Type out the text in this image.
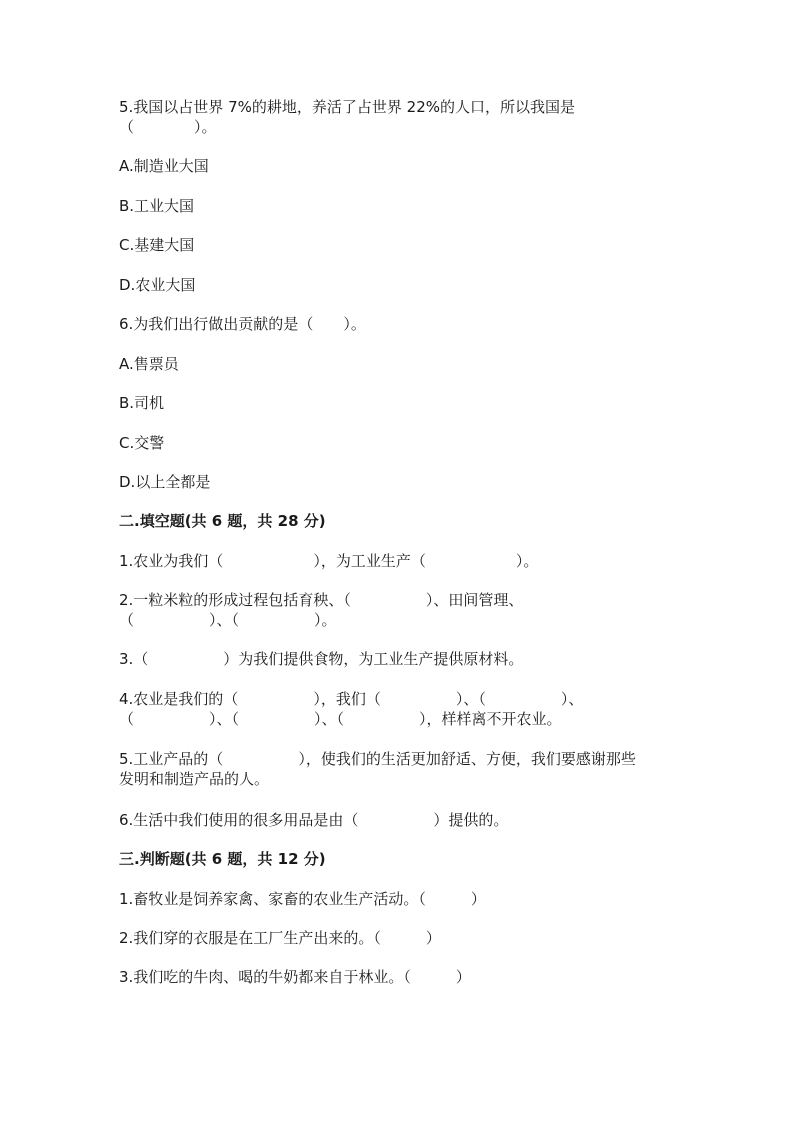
5.我国以占世界 7%的耕地，养活了占世界 22%的人口，所以我国是
（　　　　）。
A.制造业大国
B.工业大国
C.基建大国
D.农业大国
6.为我们出行做出贡献的是（　　）。
A.售票员
B.司机
C.交警
D.以上全都是
二.填空题(共 6 题，共 28 分)
1.农业为我们（　　　　　　），为工业生产（　　　　　　）。
2.一粒米粒的形成过程包括育秧、（　　　　　）、田间管理、
（　　　　　）、（　　　　　）。
3.（　　　　　）为我们提供食物，为工业生产提供原材料。
4.农业是我们的（　　　　　），我们（　　　　　）、（　　　　　）、
（　　　　　）、（　　　　　）、（　　　　　），样样离不开农业。
5.工业产品的（　　　　　），使我们的生活更加舒适、方便，我们要感谢那些
发明和制造产品的人。
6.生活中我们使用的很多用品是由（　　　　　）提供的。
三.判断题(共 6 题，共 12 分)
1.畜牧业是饲养家禽、家畜的农业生产活动。（　　　）
2.我们穿的衣服是在工厂生产出来的。（　　　）
3.我们吃的牛肉、喝的牛奶都来自于林业。（　　　）
